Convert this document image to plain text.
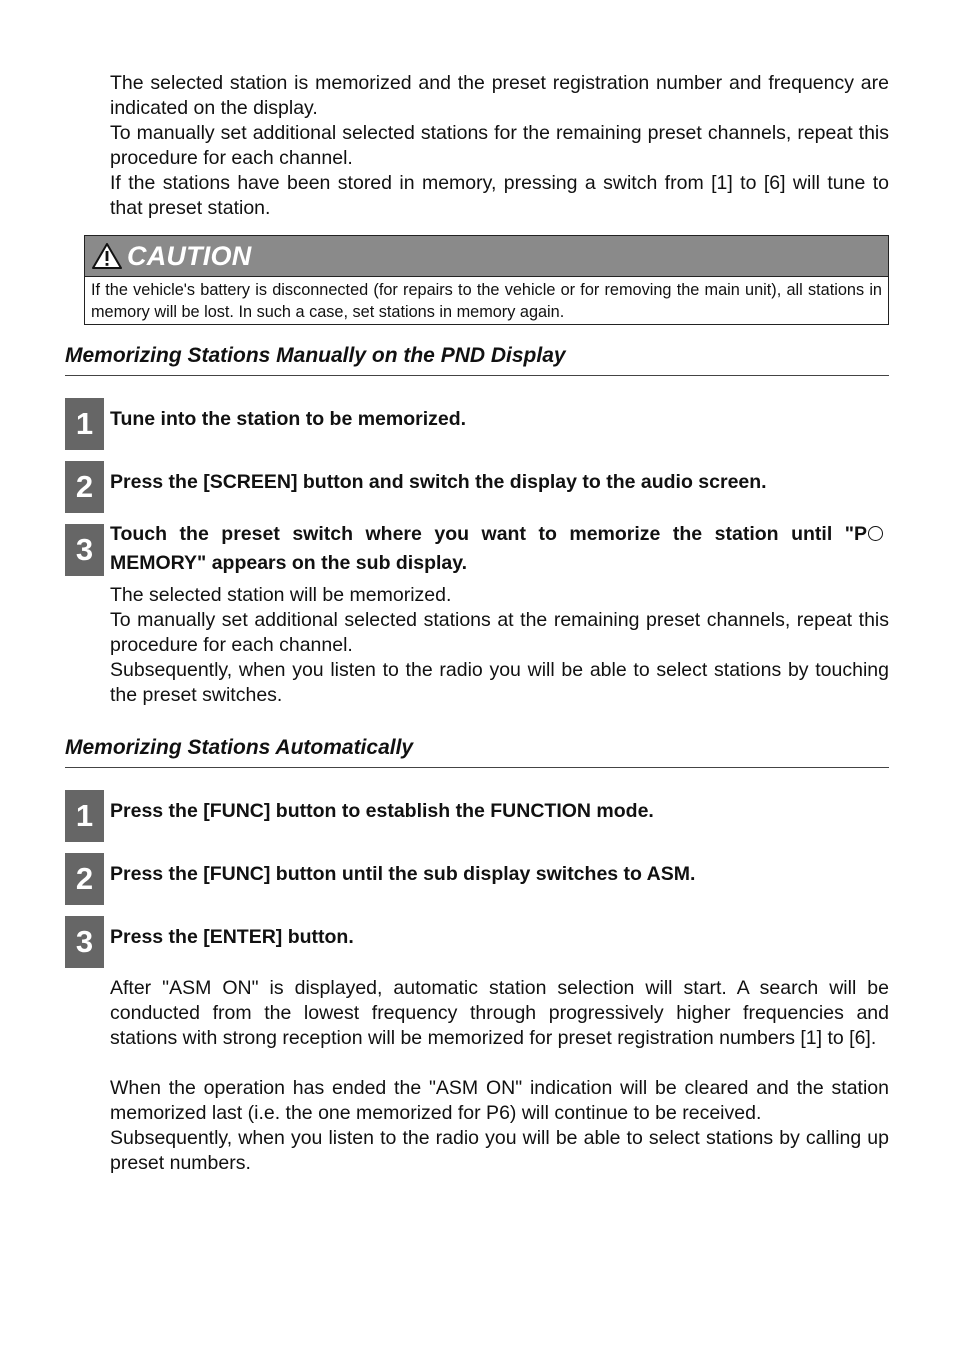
The selected station is memorized and the preset registration number and frequency are indicated on the display.

To manually set additional selected stations for the remaining preset channels, repeat this procedure for each channel.

If the stations have been stored in memory, pressing a switch from [1] to [6] will tune to that preset station.

CAUTION
If the vehicle's battery is disconnected (for repairs to the vehicle or for removing the main unit), all stations in memory will be lost. In such a case, set stations in memory again.
Memorizing Stations Manually on the PND Display
1 Tune into the station to be memorized.

2 Press the [SCREEN] button and switch the display to the audio screen.

3 Touch the preset switch where you want to memorize the station until "PMEMORY" appears on the sub display.

The selected station will be memorized.

To manually set additional selected stations at the remaining preset channels, repeat this procedure for each channel.

Subsequently, when you listen to the radio you will be able to select stations by touching the preset switches.

Memorizing Stations Automatically
1 Press the [FUNC] button to establish the FUNCTION mode.

2 Press the [FUNC] button until the sub display switches to ASM.

3 Press the [ENTER] button.

After "ASM ON" is displayed, automatic station selection will start. A search will be conducted from the lowest frequency through progressively higher frequencies and stations with strong reception will be memorized for preset registration numbers [1] to [6].

When the operation has ended the "ASM ON" indication will be cleared and the station memorized last (i.e. the one memorized for P6) will continue to be received.

Subsequently, when you listen to the radio you will be able to select stations by calling up preset numbers.
